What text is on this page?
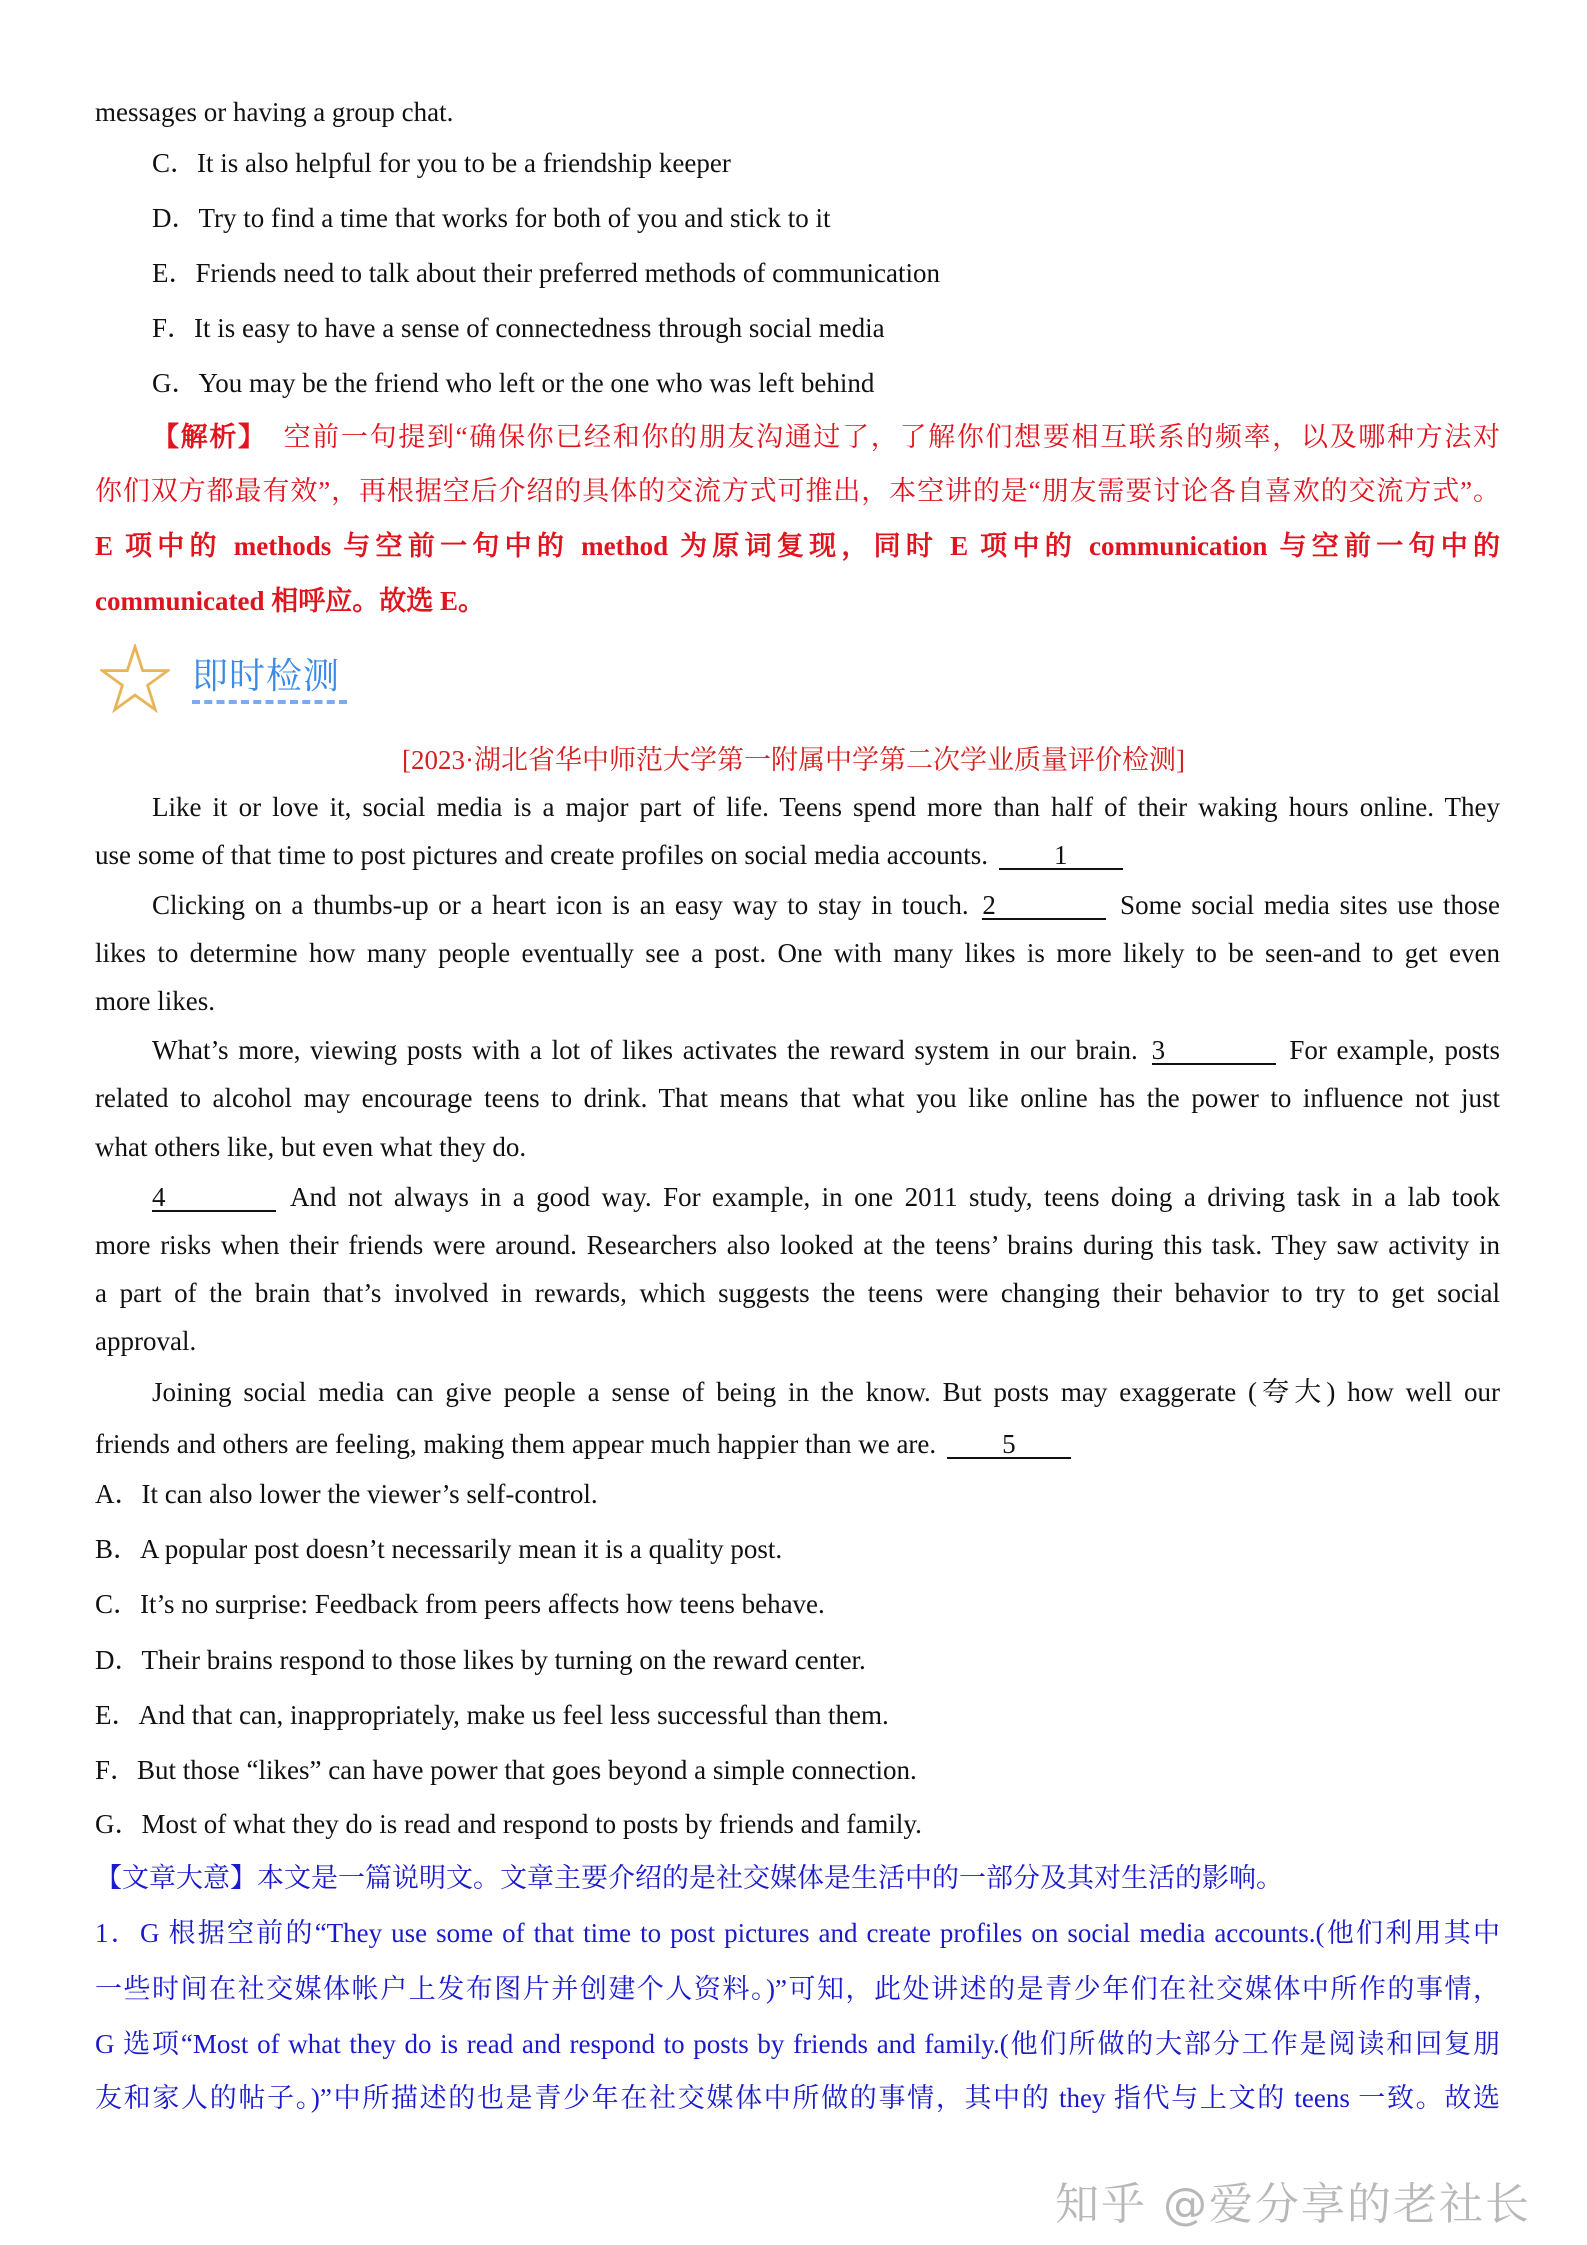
messages or having a group chat.
C．It is also helpful for you to be a friendship keeper
D．Try to find a time that works for both of you and stick to it
E．Friends need to talk about their preferred methods of communication
F．It is easy to have a sense of connectedness through social media
G．You may be the friend who left or the one who was left behind
【解析】 空前一句提到“确保你已经和你的朋友沟通过了，了解你们想要相互联系的频率，以及哪种方法对
你们双方都最有效”，再根据空后介绍的具体的交流方式可推出，本空讲的是“朋友需要讨论各自喜欢的交流方式”。
E 项中的 methods 与空前一句中的 method 为原词复现，同时 E 项中的 communication 与空前一句中的
communicated 相呼应。故选 E。
即时检测
[2023·湖北省华中师范大学第一附属中学第二次学业质量评价检测]
Like it or love it, social media is a major part of life. Teens spend more than half of their waking hours online. They
use some of that time to post pictures and create profiles on social media accounts. 1
Clicking on a thumbs-up or a heart icon is an easy way to stay in touch. 2	Some social media sites use those
likes to determine how many people eventually see a post. One with many likes is more likely to be seen-and to get even
more likes.
What’s more, viewing posts with a lot of likes activates the reward system in our brain. 3	For example, posts
related to alcohol may encourage teens to drink. That means that what you like online has the power to influence not just
what others like, but even what they do.
4	And not always in a good way. For example, in one 2011 study, teens doing a driving task in a lab took
more risks when their friends were around. Researchers also looked at the teens’ brains during this task. They saw activity in
a part of the brain that’s involved in rewards, which suggests the teens were changing their behavior to try to get social
approval.
Joining social media can give people a sense of being in the know. But posts may exaggerate (夸大) how well our
friends and others are feeling, making them appear much happier than we are. 5
A．It can also lower the viewer’s self-control.
B．A popular post doesn’t necessarily mean it is a quality post.
C．It’s no surprise: Feedback from peers affects how teens behave.
D．Their brains respond to those likes by turning on the reward center.
E．And that can, inappropriately, make us feel less successful than them.
F．But those “likes” can have power that goes beyond a simple connection.
G．Most of what they do is read and respond to posts by friends and family.
【文章大意】本文是一篇说明文。文章主要介绍的是社交媒体是生活中的一部分及其对生活的影响。
1．G 根据空前的“They use some of that time to post pictures and create profiles on social media accounts.(他们利用其中
一些时间在社交媒体帐户上发布图片并创建个人资料。)”可知，此处讲述的是青少年们在社交媒体中所作的事情，
G 选项“Most of what they do is read and respond to posts by friends and family.(他们所做的大部分工作是阅读和回复朋
友和家人的帖子。)”中所描述的也是青少年在社交媒体中所做的事情，其中的 they 指代与上文的 teens 一致。故选
知乎 @爱分享的老社长
